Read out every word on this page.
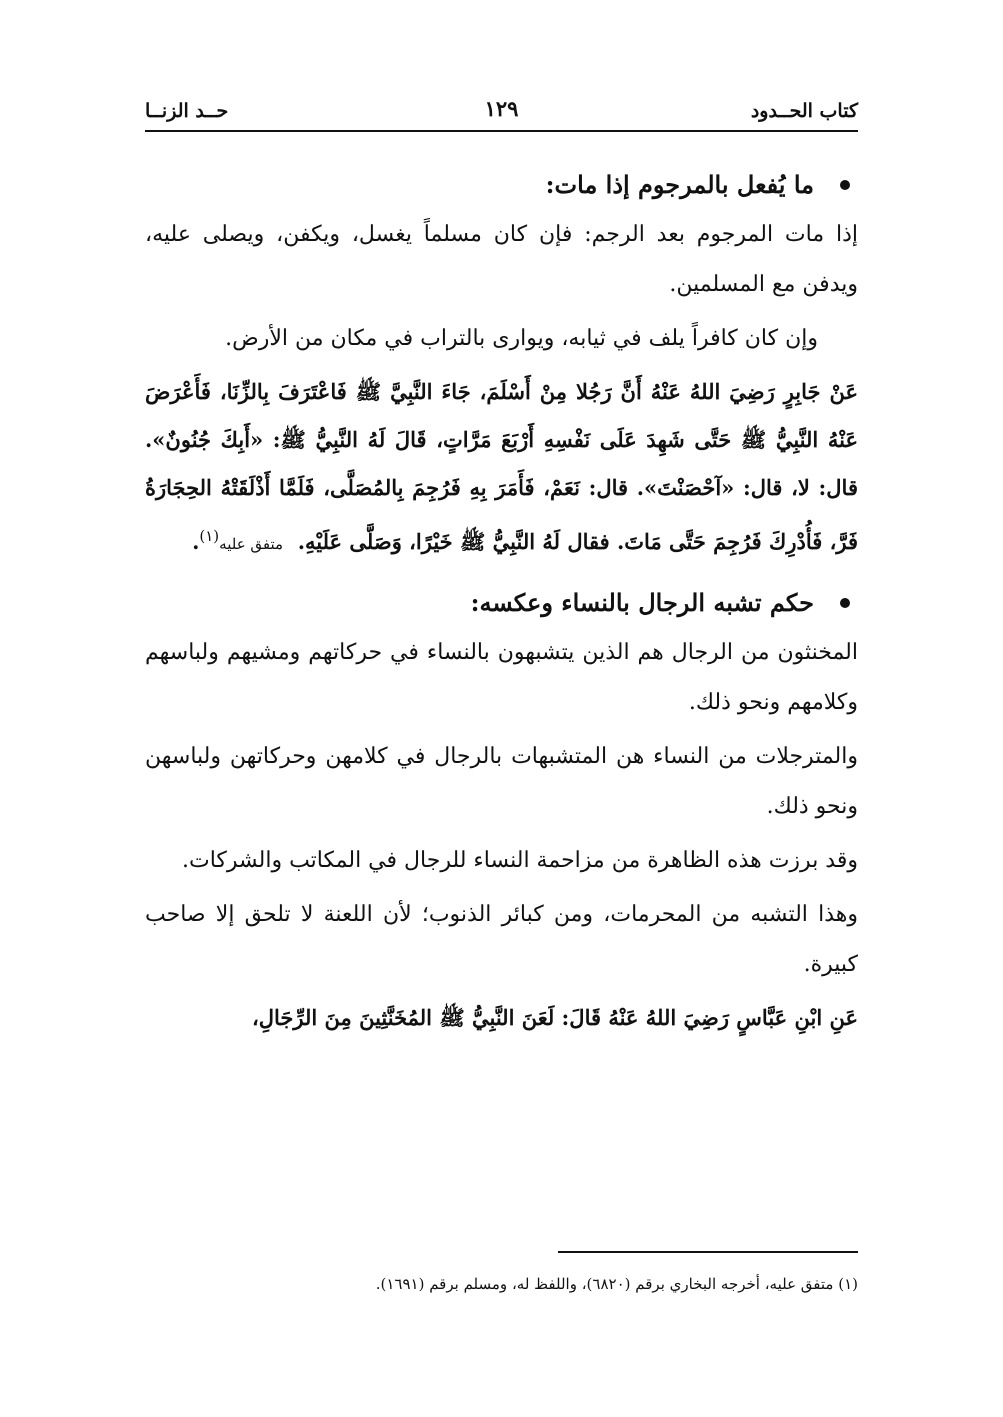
كتاب الحــدود
١٢٩
حــد الزنــا
ما يُفعل بالمرجوم إذا مات:

إذا مات المرجوم بعد الرجم: فإن كان مسلماً يغسل، ويكفن، ويصلى عليه، ويدفن مع المسلمين.

وإن كان كافراً يلف في ثيابه، ويوارى بالتراب في مكان من الأرض.

عَنْ جَابِرٍ رَضِيَ اللهُ عَنْهُ أَنَّ رَجُلا مِنْ أَسْلَمَ، جَاءَ النَّبِيَّ ﷺ فَاعْتَرَفَ بِالزِّنَا، فَأَعْرَضَ عَنْهُ النَّبِيُّ ﷺ حَتَّى شَهِدَ عَلَى نَفْسِهِ أَرْبَعَ مَرَّاتٍ، قَالَ لَهُ النَّبِيُّ ﷺ: «أَبِكَ جُنُونٌ». قال: لا، قال: «آحْصَنْتَ». قال: نَعَمْ، فَأَمَرَ بِهِ فَرُجِمَ بِالمُصَلَّى، فَلَمَّا أَذْلَقَتْهُ الحِجَارَةُ فَرَّ، فَأُدْرِكَ فَرُجِمَ حَتَّى مَاتَ. فقال لَهُ النَّبِيُّ ﷺ خَيْرًا، وَصَلَّى عَلَيْهِ.  متفق عليه$^{(١)}$.

حكم تشبه الرجال بالنساء وعكسه:

المخنثون من الرجال هم الذين يتشبهون بالنساء في حركاتهم ومشيهم ولباسهم وكلامهم ونحو ذلك.

والمترجلات من النساء هن المتشبهات بالرجال في كلامهن وحركاتهن ولباسهن ونحو ذلك.

وقد برزت هذه الظاهرة من مزاحمة النساء للرجال في المكاتب والشركات.

وهذا التشبه من المحرمات، ومن كبائر الذنوب؛ لأن اللعنة لا تلحق إلا صاحب كبيرة.

عَنِ ابْنِ عَبَّاسٍ رَضِيَ اللهُ عَنْهُ قَالَ: لَعَنَ النَّبِيُّ ﷺ المُخَنَّثِينَ مِنَ الرِّجَالِ،

(١) متفق عليه، أخرجه البخاري برقم (٦٨٢٠)، واللفظ له، ومسلم برقم (١٦٩١).
